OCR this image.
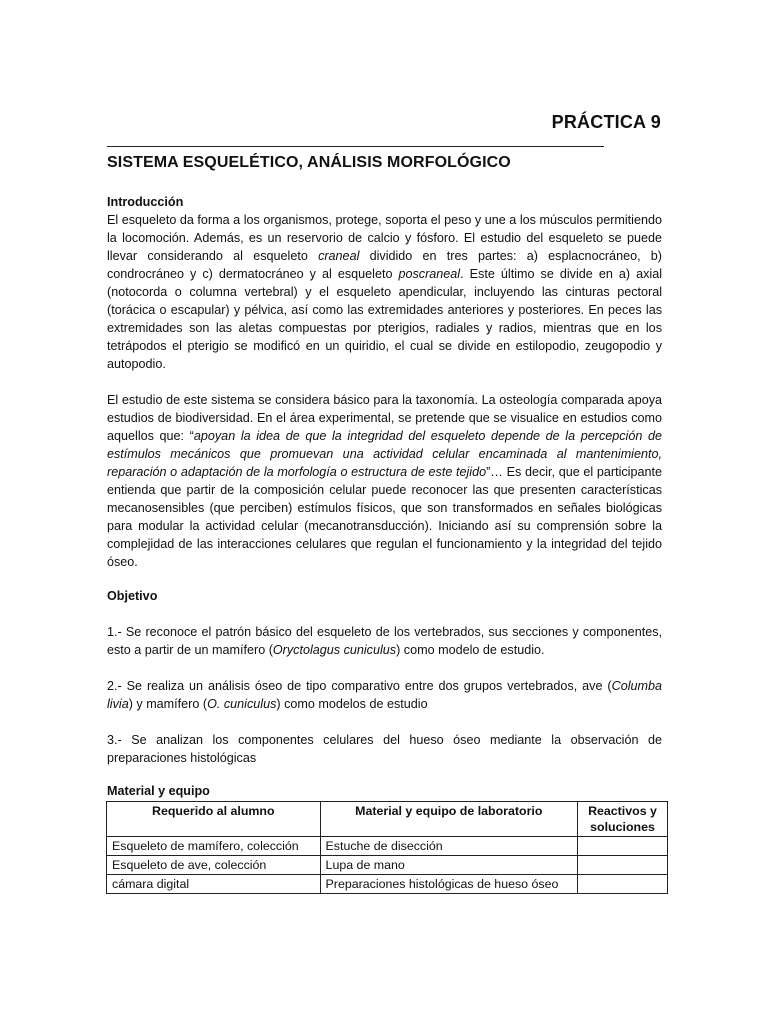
PRÁCTICA 9
SISTEMA ESQUELÉTICO, ANÁLISIS MORFOLÓGICO
Introducción
El esqueleto da forma a los organismos, protege, soporta el peso y une a los músculos permitiendo la locomoción. Además, es un reservorio de calcio y fósforo. El estudio del esqueleto se puede llevar considerando al esqueleto craneal dividido en tres partes: a) esplacnocráneo, b) condrocráneo y c) dermatocráneo y al esqueleto poscraneal. Este último se divide en a) axial (notocorda o columna vertebral) y el esqueleto apendicular, incluyendo las cinturas pectoral (torácica o escapular) y pélvica, así como las extremidades anteriores y posteriores. En peces las extremidades son las aletas compuestas por pterigios, radiales y radios, mientras que en los tetrápodos el pterigio se modificó en un quiridio, el cual se divide en estilopodio, zeugopodio y autopodio.
El estudio de este sistema se considera básico para la taxonomía. La osteología comparada apoya estudios de biodiversidad. En el área experimental, se pretende que se visualice en estudios como aquellos que: “apoyan la idea de que la integridad del esqueleto depende de la percepción de estímulos mecánicos que promuevan una actividad celular encaminada al mantenimiento, reparación o adaptación de la morfología o estructura de este tejido”… Es decir, que el participante entienda que partir de la composición celular puede reconocer las que presenten características mecanosensibles (que perciben) estímulos físicos, que son transformados en señales biológicas para modular la actividad celular (mecanotransducción). Iniciando así su comprensión sobre la complejidad de las interacciones celulares que regulan el funcionamiento y la integridad del tejido óseo.
Objetivo
1.- Se reconoce el patrón básico del esqueleto de los vertebrados, sus secciones y componentes, esto a partir de un mamífero (Oryctolagus cuniculus) como modelo de estudio.
2.- Se realiza un análisis óseo de tipo comparativo entre dos grupos vertebrados, ave (Columba livia) y mamífero (O. cuniculus) como modelos de estudio
3.- Se analizan los componentes celulares del hueso óseo mediante la observación de preparaciones histológicas
Material y equipo
Requerido al alumno	Material y equipo de laboratorio	Reactivos y soluciones
Esqueleto de mamífero, colección	Estuche de disección	
Esqueleto de ave, colección	Lupa de mano	
cámara digital	Preparaciones histológicas de hueso óseo	
